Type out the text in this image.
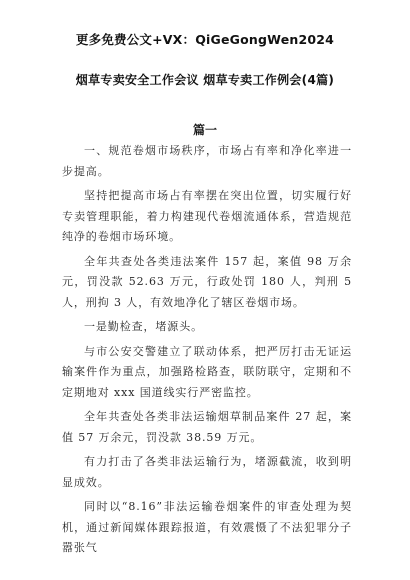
更多免费公文+VX：QiGeGongWen2024
烟草专卖安全工作会议 烟草专卖工作例会(4篇)
篇一

一、规范卷烟市场秩序，市场占有率和净化率进一步提高。

坚持把提高市场占有率摆在突出位置，切实履行好专卖管理职能，着力构建现代卷烟流通体系，营造规范纯净的卷烟市场环境。

全年共查处各类违法案件 157 起，案值 98 万余元，罚没款 52.63 万元，行政处罚 180 人，判刑 5 人，刑拘 3 人，有效地净化了辖区卷烟市场。

一是勤检查，堵源头。

与市公安交警建立了联动体系，把严厉打击无证运输案件作为重点，加强路检路查，联防联守，定期和不定期地对 xxx 国道线实行严密监控。

全年共查处各类非法运输烟草制品案件 27 起，案值 57 万余元，罚没款 38.59 万元。

有力打击了各类非法运输行为，堵源截流，收到明显成效。

同时以“8.16”非法运输卷烟案件的审查处理为契机，通过新闻媒体跟踪报道，有效震慑了不法犯罪分子嚣张气
